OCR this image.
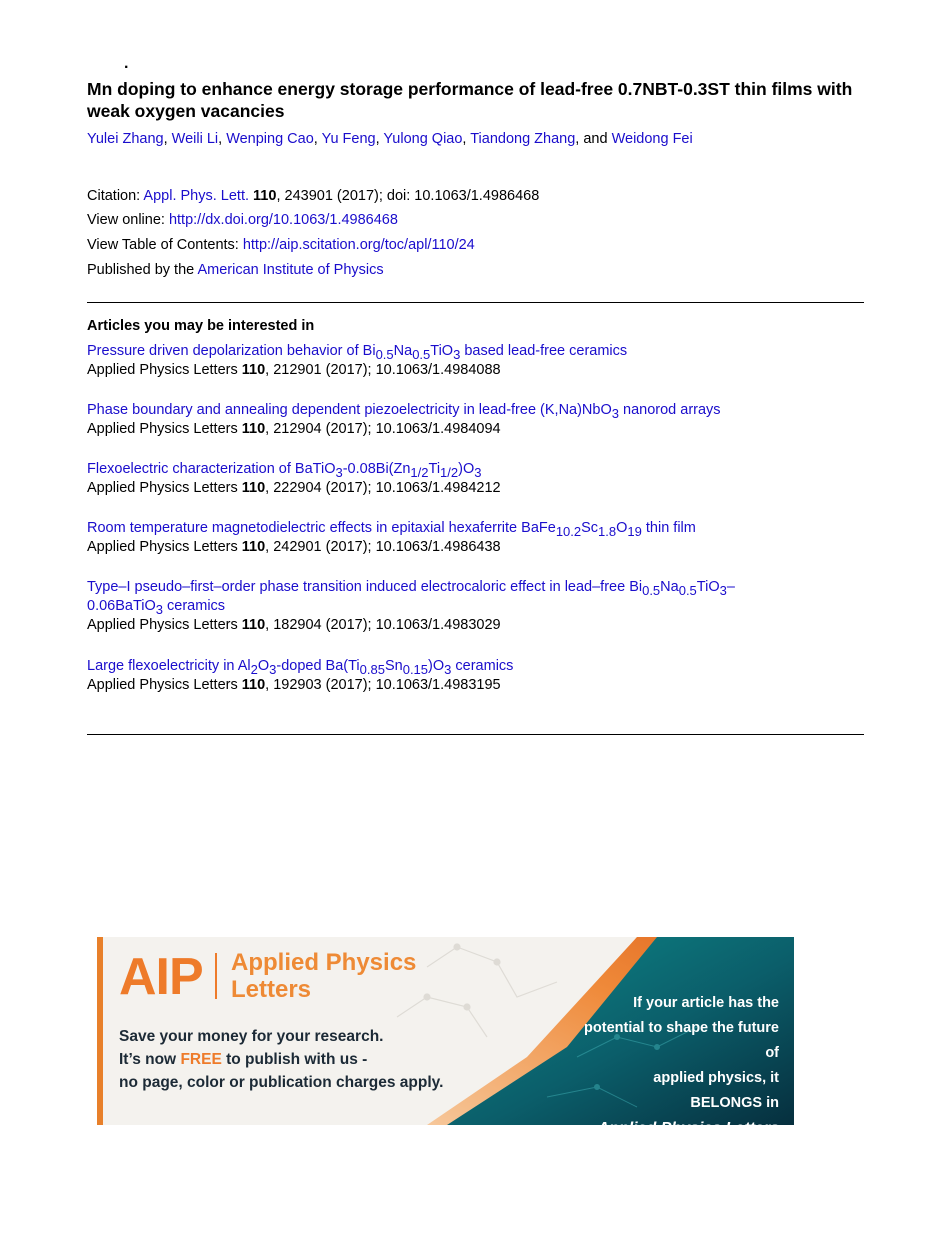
.
Mn doping to enhance energy storage performance of lead-free 0.7NBT-0.3ST thin films with weak oxygen vacancies
Yulei Zhang, Weili Li, Wenping Cao, Yu Feng, Yulong Qiao, Tiandong Zhang, and Weidong Fei
Citation: Appl. Phys. Lett. 110, 243901 (2017); doi: 10.1063/1.4986468
View online: http://dx.doi.org/10.1063/1.4986468
View Table of Contents: http://aip.scitation.org/toc/apl/110/24
Published by the American Institute of Physics
Articles you may be interested in
Pressure driven depolarization behavior of $Bi_{0.5}Na_{0.5}TiO_3$ based lead-free ceramics
Applied Physics Letters 110, 212901 (2017); 10.1063/1.4984088
Phase boundary and annealing dependent piezoelectricity in lead-free (K,Na)NbO$_3$ nanorod arrays
Applied Physics Letters 110, 212904 (2017); 10.1063/1.4984094
Flexoelectric characterization of $BaTiO_3-0.08Bi(Zn_{1/2}Ti_{1/2})O_3$
Applied Physics Letters 110, 222904 (2017); 10.1063/1.4984212
Room temperature magnetodielectric effects in epitaxial hexaferrite $BaFe_{10.2}Sc_{1.8}O_{19}$ thin film
Applied Physics Letters 110, 242901 (2017); 10.1063/1.4986438
Type–I pseudo–first–order phase transition induced electrocaloric effect in lead–free $Bi_{0.5}Na_{0.5}TiO_3-$
0.06BaTiO$_3$ ceramics
Applied Physics Letters 110, 182904 (2017); 10.1063/1.4983029
Large flexoelectricity in $Al_2O_3$-doped $Ba(Ti_{0.85}Sn_{0.15})O_3$ ceramics
Applied Physics Letters 110, 192903 (2017); 10.1063/1.4983195
AIP Applied Physics
Letters
Save your money for your research.
It’s now FREE to publish with us -
no page, color or publication charges apply.
If your article has the
potential to shape the future of
applied physics, it BELONGS in
Applied Physics Letters
